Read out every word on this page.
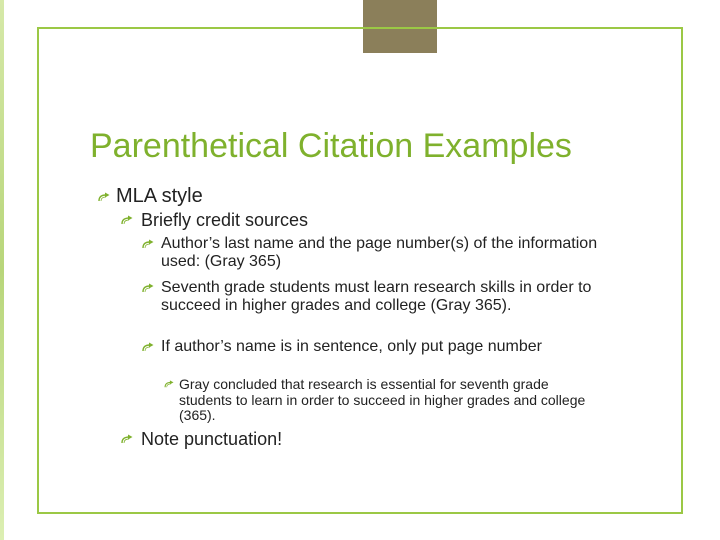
Parenthetical Citation Examples
MLA style
Briefly credit sources
Author’s last name and the page number(s) of the information used: (Gray 365)
Seventh grade students must learn research skills in order to succeed in higher grades and college (Gray 365).
If author’s name is in sentence, only put page number
Gray concluded that research is essential for seventh grade students to learn in order to succeed in higher grades and college (365).
Note punctuation!
